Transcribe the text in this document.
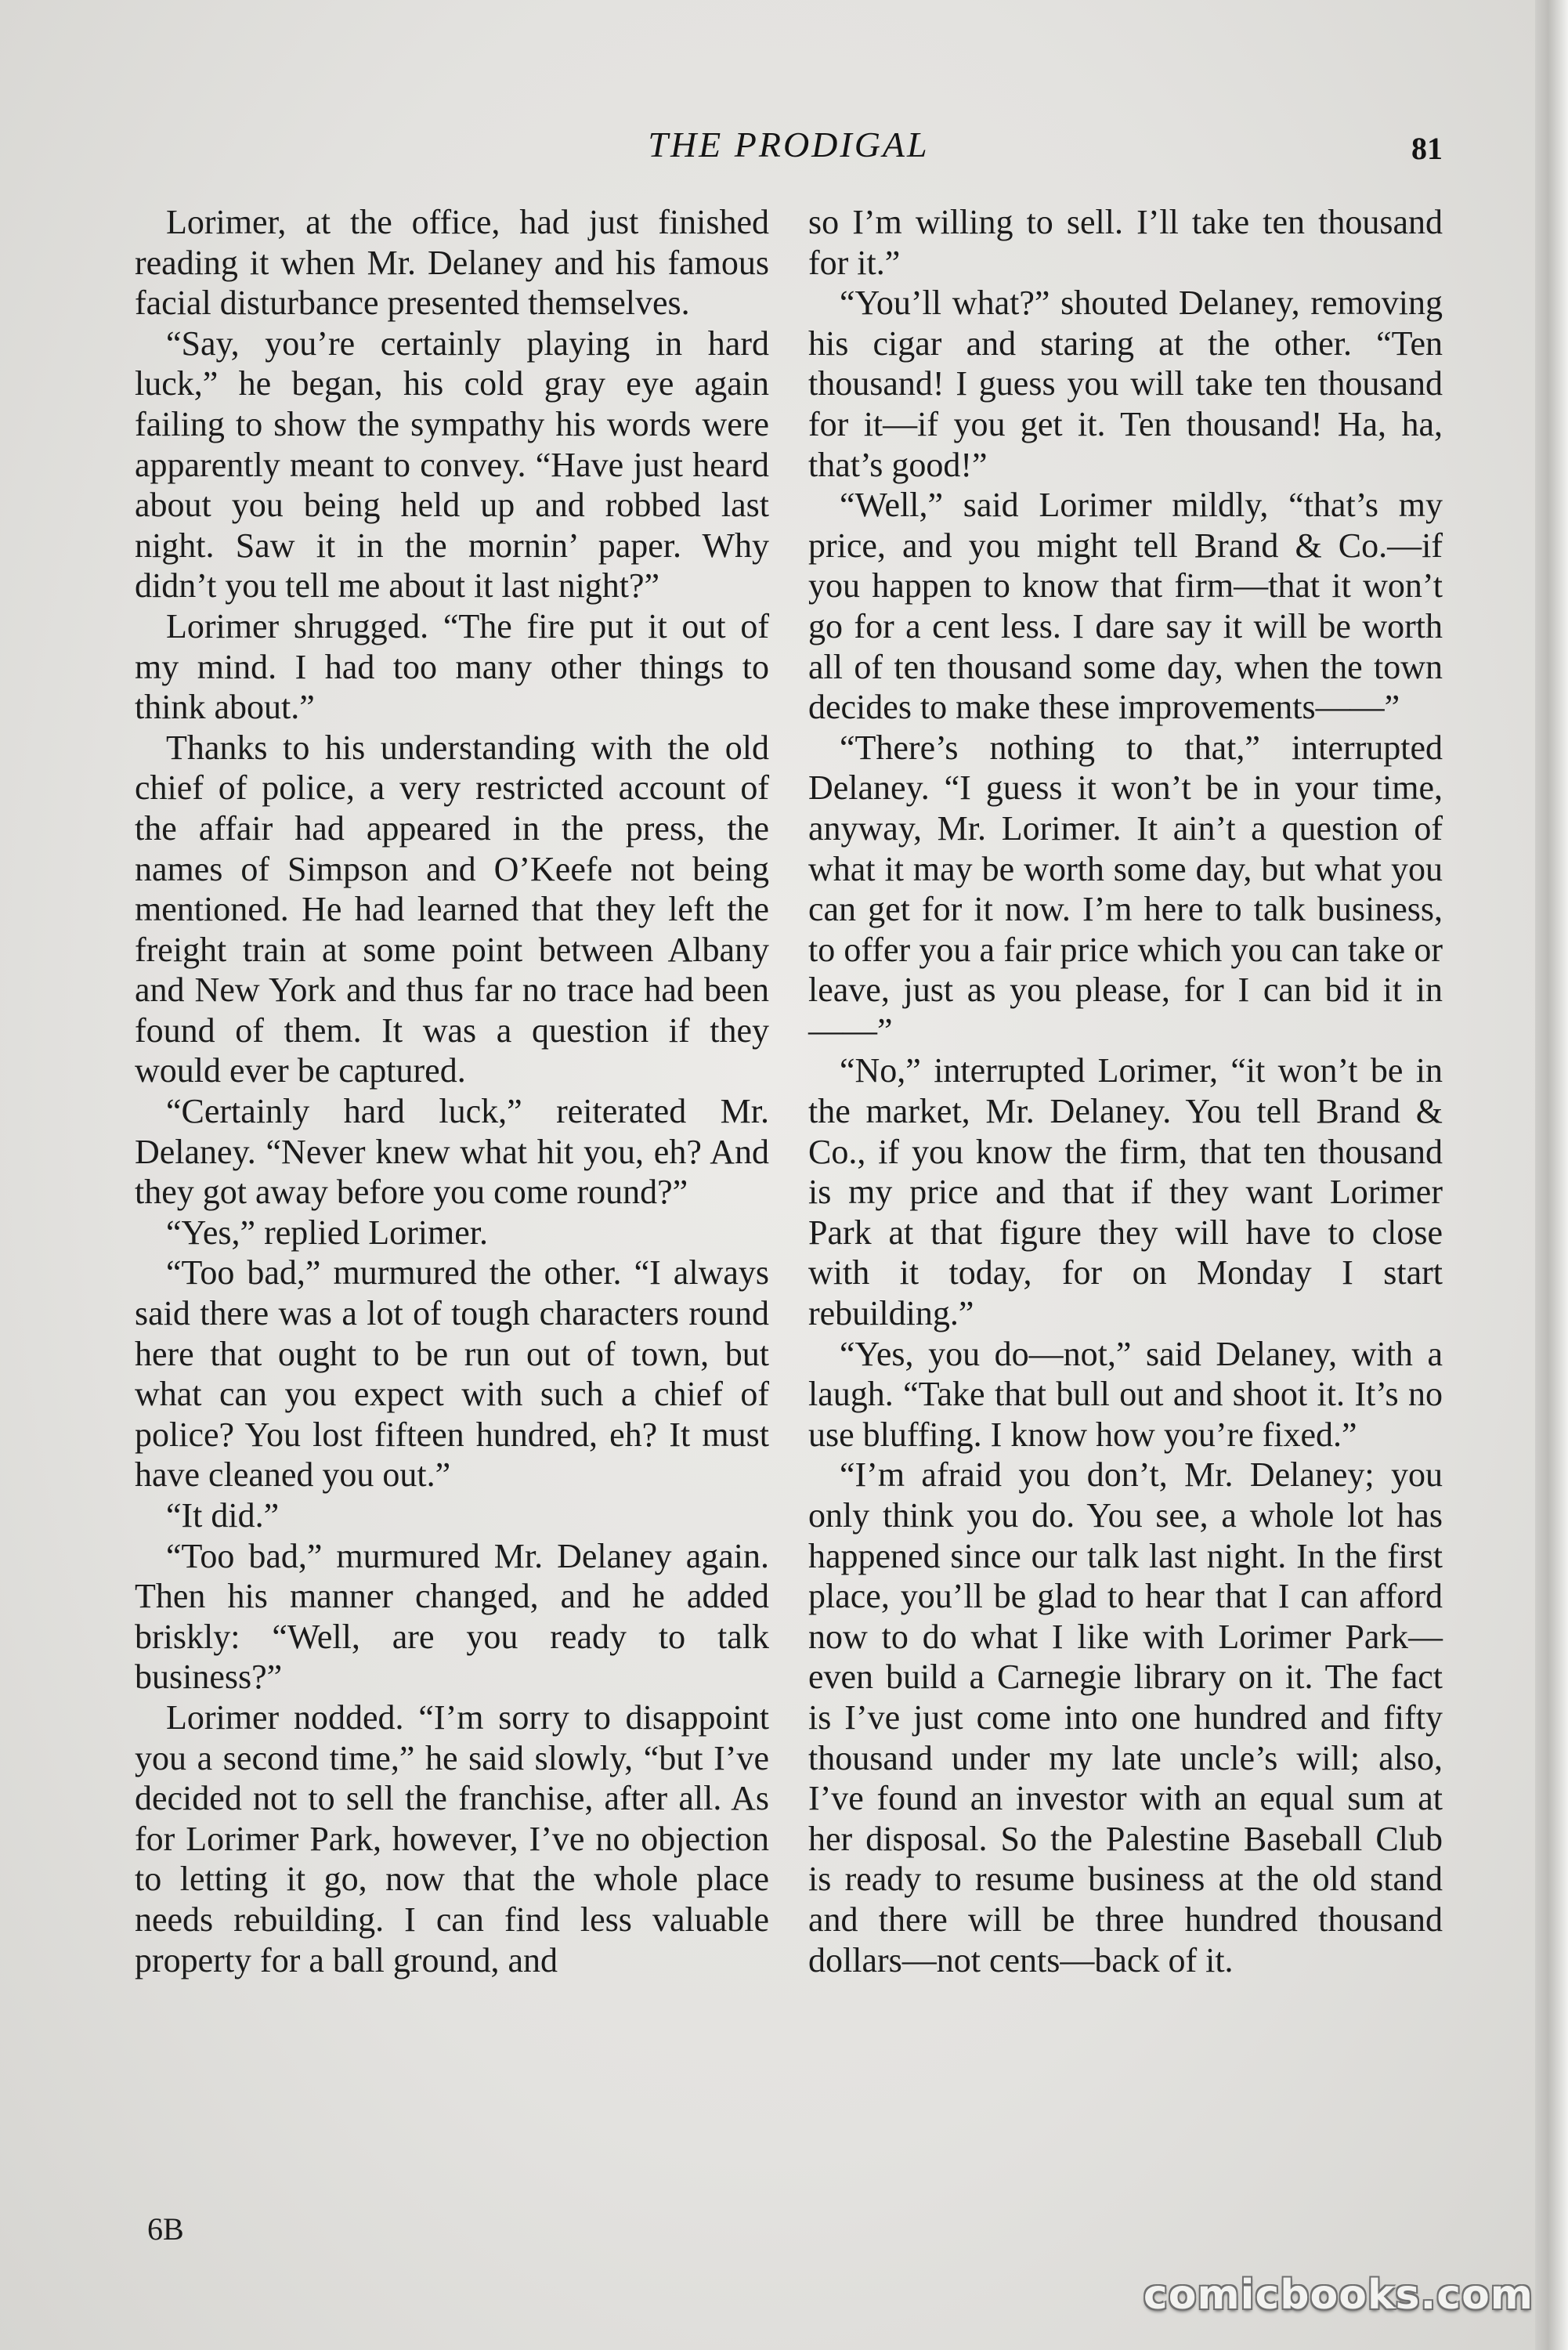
THE PRODIGAL	81

Lorimer, at the office, had just finished reading it when Mr. Delaney and his famous facial disturbance presented themselves.

“Say, you’re certainly playing in hard luck,” he began, his cold gray eye again failing to show the sympathy his words were apparently meant to convey. “Have just heard about you being held up and robbed last night. Saw it in the mornin’ paper. Why didn’t you tell me about it last night?”

Lorimer shrugged. “The fire put it out of my mind. I had too many other things to think about.”

Thanks to his understanding with the old chief of police, a very restricted account of the affair had appeared in the press, the names of Simpson and O’Keefe not being mentioned. He had learned that they left the freight train at some point between Albany and New York and thus far no trace had been found of them. It was a question if they would ever be captured.

“Certainly hard luck,” reiterated Mr. Delaney. “Never knew what hit you, eh? And they got away before you come round?”

“Yes,” replied Lorimer.

“Too bad,” murmured the other. “I always said there was a lot of tough characters round here that ought to be run out of town, but what can you expect with such a chief of police? You lost fifteen hundred, eh? It must have cleaned you out.”

“It did.”

“Too bad,” murmured Mr. Delaney again. Then his manner changed, and he added briskly: “Well, are you ready to talk business?”

Lorimer nodded. “I’m sorry to disappoint you a second time,” he said slowly, “but I’ve decided not to sell the franchise, after all. As for Lorimer Park, however, I’ve no objection to letting it go, now that the whole place needs rebuilding. I can find less valuable property for a ball ground, and

so I’m willing to sell. I’ll take ten thousand for it.”

“You’ll what?” shouted Delaney, removing his cigar and staring at the other. “Ten thousand! I guess you will take ten thousand for it—if you get it. Ten thousand! Ha, ha, that’s good!”

“Well,” said Lorimer mildly, “that’s my price, and you might tell Brand & Co.—if you happen to know that firm—that it won’t go for a cent less. I dare say it will be worth all of ten thousand some day, when the town decides to make these improvements——”

“There’s nothing to that,” interrupted Delaney. “I guess it won’t be in your time, anyway, Mr. Lorimer. It ain’t a question of what it may be worth some day, but what you can get for it now. I’m here to talk business, to offer you a fair price which you can take or leave, just as you please, for I can bid it in——”

“No,” interrupted Lorimer, “it won’t be in the market, Mr. Delaney. You tell Brand & Co., if you know the firm, that ten thousand is my price and that if they want Lorimer Park at that figure they will have to close with it today, for on Monday I start rebuilding.”

“Yes, you do—not,” said Delaney, with a laugh. “Take that bull out and shoot it. It’s no use bluffing. I know how you’re fixed.”

“I’m afraid you don’t, Mr. Delaney; you only think you do. You see, a whole lot has happened since our talk last night. In the first place, you’ll be glad to hear that I can afford now to do what I like with Lorimer Park—even build a Carnegie library on it. The fact is I’ve just come into one hundred and fifty thousand under my late uncle’s will; also, I’ve found an investor with an equal sum at her disposal. So the Palestine Baseball Club is ready to resume business at the old stand and there will be three hundred thousand dollars—not cents—back of it.

6B
comicbooks.com
